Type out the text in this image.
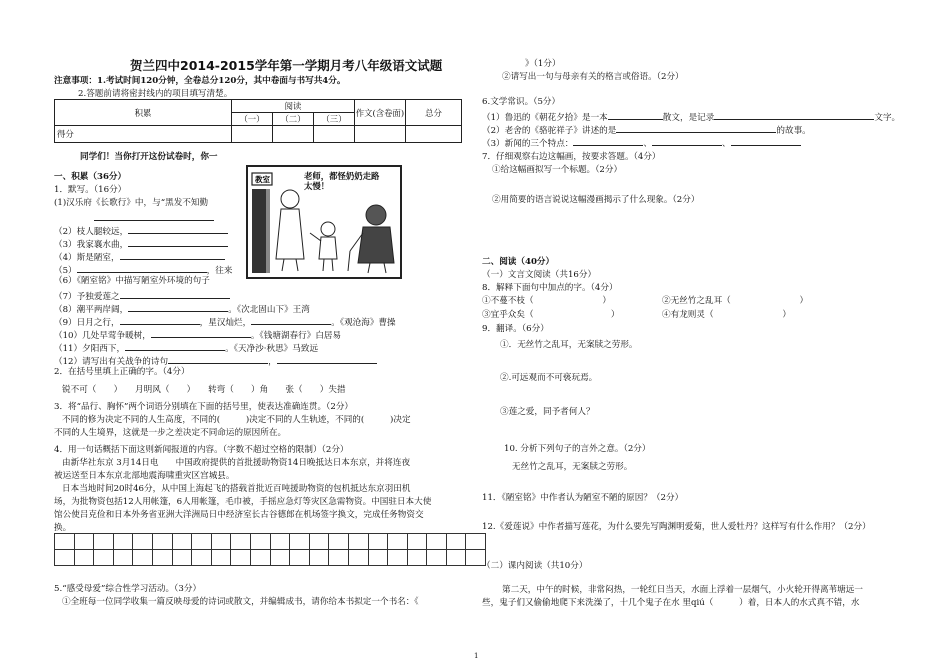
贺兰四中2014-2015学年第一学期月考八年级语文试题
注意事项：1.考试时间120分钟，全卷总分120分，其中卷面与书写共4分。
2.答题前请将密封线内的项目填写清楚。
积累	阅读			作文(含卷面)	总分
	（一）	（二）	（三）		
得分					
同学们！当你打开这份试卷时，你一
一、积累（36分）
1．默写。（16分）
(1)汉乐府《长歌行》中，与“黑发不知勤
（2）枝人腿较远，
（3）我家襄水曲，
（4）斯是陋室，
（5）	，往来
（6）《陋室铭》中描写陋室外环境的句子
（7）予独爱莲之
（8）潮平两岸阔，	。《次北固山下》王湾
（9）日月之行，	，星汉灿烂，	。《观沧海》曹操
（10）几处早莺争暖树，	。《钱塘湖春行》白居易
（11）夕阳西下，	。《天净沙·秋思》马致远
（12）请写出有关战争的诗句	，
2．在括号里填上正确的字。（4分）
锐不可（　　）　　月明风（　　）　　转弯（　　）角　　张（　　）失措
3．将“品行、胸怀”两个词语分别填在下面的括号里，使表达准确连贯。（2分）
不同的修为决定不同的人生高度，不同的(　　　)决定不同的人生轨迹，不同的(　　　)决定
不同的人生境界，这就是一步之差决定不同命运的原因所在。
4．用一句话概括下面这则新闻报道的内容。（字数不超过空格的限制）（2分）
由新华社东京 3月14日电　　中国政府提供的首批援助物资14日晚抵达日本东京，并将连夜
被运送至日本东京北部地震海啸重灾区宫城县。
日本当地时间20时46分，从中国上海起飞的搭载首批近百吨援助物资的包机抵达东京羽田机
场，为批物资包括12人用帐篷，6人用帐篷，毛巾被，手摇应急灯等灾区急需物资。中国驻日本大使
馆公使吕克俭和日本外务省亚洲大洋洲局日中经济室长古谷德郎在机场签字换文，完成任务物资交
换。

5.“感受母爱”综合性学习活动。（3分）
①全班每一位同学收集一篇反映母爱的诗词或散文，并编辑成书，请你给本书拟定一个书名：《
教室	老师，都怪奶奶走路太慢！
》（1分）
②请写出一句与母亲有关的格言或俗语。（2分）
6.文学常识。（5分）
（1）鲁迅的《朝花夕拾》是一本	散文，是记录	文字。
（2）老舍的《骆驼祥子》讲述的是	的故事。
（3）新闻的三个特点：	、	、
7．仔细观察右边这幅画，按要求答题。（4分）
①给这幅画拟写一个标题。（2分）
②用简要的语言说说这幅漫画揭示了什么现象。（2分）
二、阅读（40分）
（一）文言文阅读（共16分）
8．解释下面句中加点的字。（4分）
①不蔓不枝（　　　　　　　　）	②无丝竹之乱耳（　　　　　　　　）
③宜乎众矣（　　　　　　　　　）	④有龙则灵（　　　　　　　　）
9．翻译。（6分）
①．无丝竹之乱耳，无案牍之劳形。
②.可远观而不可亵玩焉。
③莲之爱，同予者何人？
10. 分析下列句子的言外之意。（2分）
无丝竹之乱耳，无案牍之劳形。
11．《陋室铭》中作者认为陋室不陋的原因？（2分）
12.《爱莲说》中作者描写莲花，为什么要先写陶渊明爱菊，世人爱牡丹？这样写有什么作用？（2分）
（二）课内阅读（共10分）
第二天，中午的时候，非常闷热，一轮红日当天，水面上浮着一层烟气，小火轮开得离苇塘远一
些，鬼子们又偷偷地爬下来洗澡了，十几个鬼子在水 里qiú（　　　）着，日本人的水式真不错，水
1
